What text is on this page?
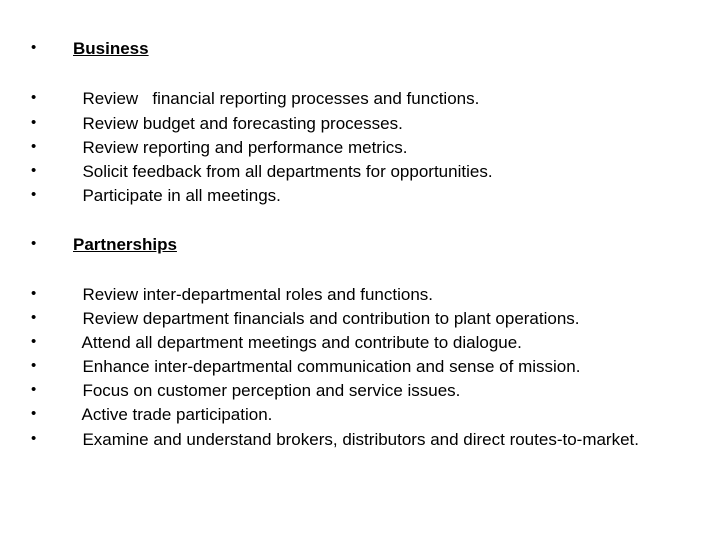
• Business
• Review   financial reporting processes and functions.
• Review budget and forecasting processes.
• Review reporting and performance metrics.
• Solicit feedback from all departments for opportunities.
• Participate in all meetings.
• Partnerships
• Review inter-departmental roles and functions.
• Review department financials and contribution to plant operations.
• Attend all department meetings and contribute to dialogue.
• Enhance inter-departmental communication and sense of mission.
• Focus on customer perception and service issues.
• Active trade participation.
• Examine and understand brokers, distributors and direct routes-to-market.
